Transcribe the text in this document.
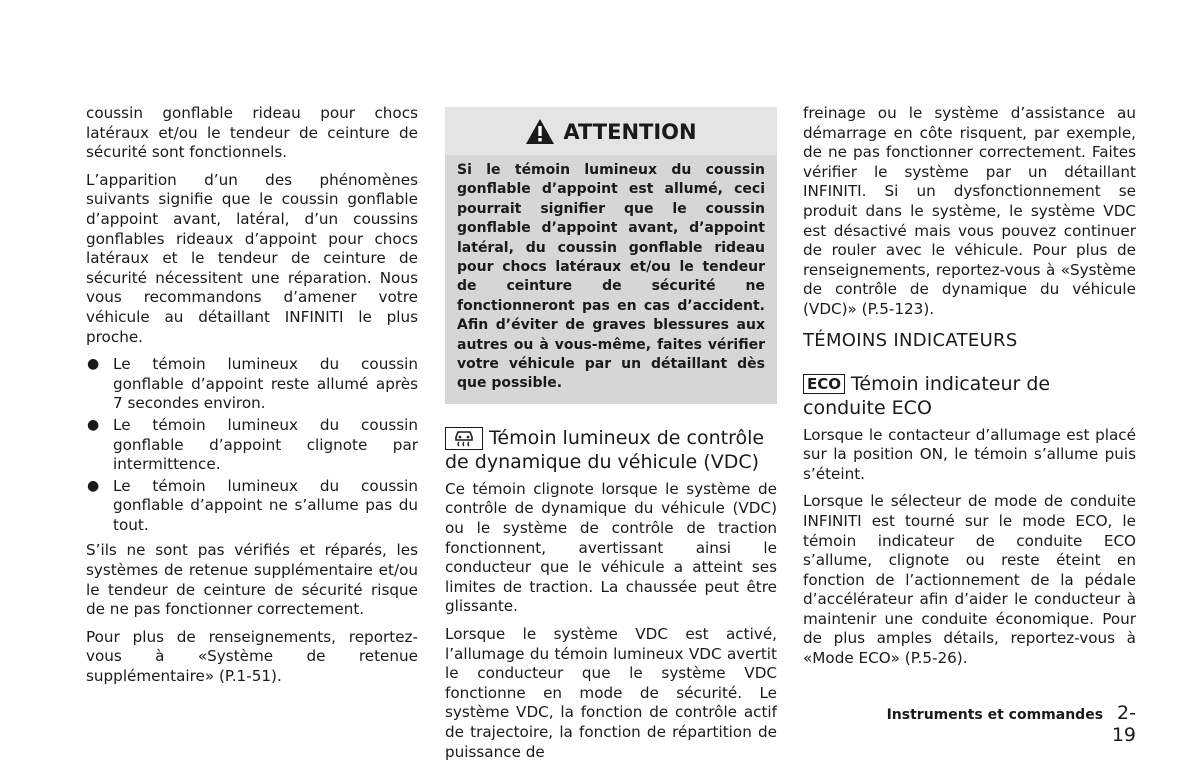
coussin gonflable rideau pour chocs latéraux et/ou le tendeur de ceinture de sécurité sont fonctionnels.

L’apparition d’un des phénomènes suivants signifie que le coussin gonflable d’appoint avant, latéral, d’un coussins gonflables rideaux d’appoint pour chocs latéraux et le tendeur de ceinture de sécurité nécessitent une réparation. Nous vous recommandons d’amener votre véhicule au détaillant INFINITI le plus proche.

● Le témoin lumineux du coussin gonflable d’appoint reste allumé après 7 secondes environ.
● Le témoin lumineux du coussin gonflable d’appoint clignote par intermittence.
● Le témoin lumineux du coussin gonflable d’appoint ne s’allume pas du tout.

S’ils ne sont pas vérifiés et réparés, les systèmes de retenue supplémentaire et/ou le tendeur de ceinture de sécurité risque de ne pas fonctionner correctement.

Pour plus de renseignements, reportez-vous à «Système de retenue supplémentaire» (P.1-51).

ATTENTION
Si le témoin lumineux du coussin gonflable d’appoint est allumé, ceci pourrait signifier que le coussin gonflable d’appoint avant, d’appoint latéral, du coussin gonflable rideau pour chocs latéraux et/ou le tendeur de ceinture de sécurité ne fonctionneront pas en cas d’accident. Afin d’éviter de graves blessures aux autres ou à vous-même, faites vérifier votre véhicule par un détaillant dès que possible.
Témoin lumineux de contrôle de dynamique du véhicule (VDC)

Ce témoin clignote lorsque le système de contrôle de dynamique du véhicule (VDC) ou le système de contrôle de traction fonctionnent, avertissant ainsi le conducteur que le véhicule a atteint ses limites de traction. La chaussée peut être glissante.

Lorsque le système VDC est activé, l’allumage du témoin lumineux VDC avertit le conducteur que le système VDC fonctionne en mode de sécurité. Le système VDC, la fonction de contrôle actif de trajectoire, la fonction de répartition de puissance de

freinage ou le système d’assistance au démarrage en côte risquent, par exemple, de ne pas fonctionner correctement. Faites vérifier le système par un détaillant INFINITI. Si un dysfonctionnement se produit dans le système, le système VDC est désactivé mais vous pouvez continuer de rouler avec le véhicule. Pour plus de renseignements, reportez-vous à «Système de contrôle de dynamique du véhicule (VDC)» (P.5-123).

TÉMOINS INDICATEURS
ECO Témoin indicateur de conduite ECO

Lorsque le contacteur d’allumage est placé sur la position ON, le témoin s’allume puis s’éteint.

Lorsque le sélecteur de mode de conduite INFINITI est tourné sur le mode ECO, le témoin indicateur de conduite ECO s’allume, clignote ou reste éteint en fonction de l’actionnement de la pédale d’accélérateur afin d’aider le conducteur à maintenir une conduite économique. Pour de plus amples détails, reportez-vous à «Mode ECO» (P.5-26).

Instruments et commandes 2-19
